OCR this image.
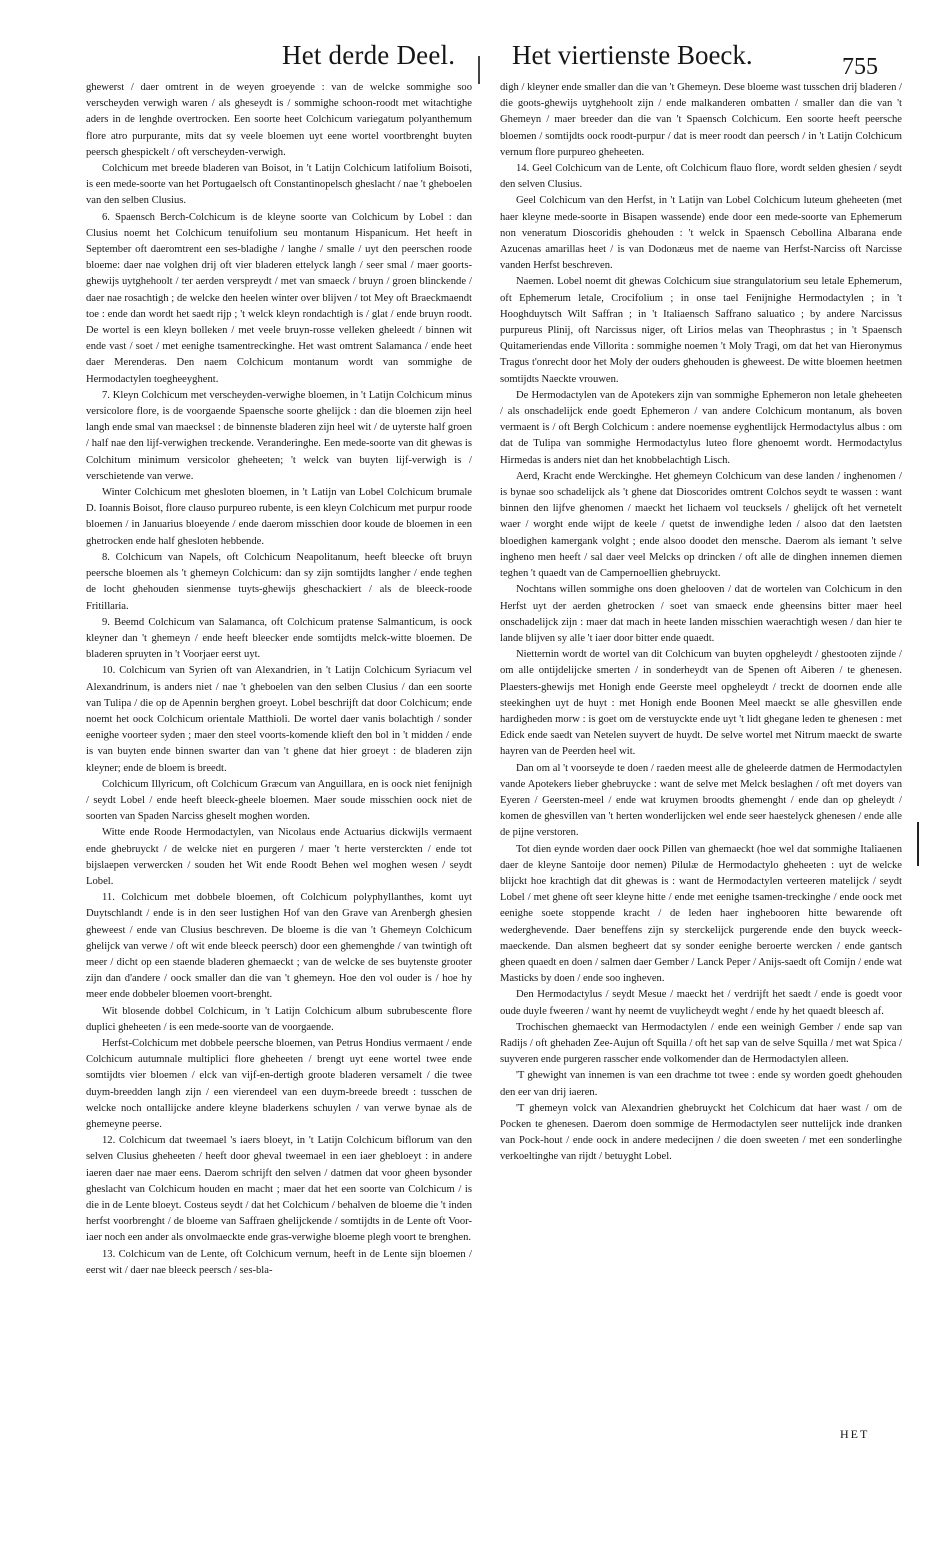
Het derde Deel. Het viertienste Boeck.	755

ghewerst / daer omtrent in de weyen groeyende : van de welcke sommighe soo verscheyden verwigh waren / als gheseydt is / sommighe schoon-roodt met witachtighe aders in de lenghde overtrocken. Een soorte heet Colchicum variegatum polyanthemum flore atro purpurante, mits dat sy veele bloemen uyt eene wortel voortbrenght buyten peersch ghespickelt / oft verscheyden-verwigh.

Colchicum met breede bladeren van Boisot, in 't Latijn Colchicum latifolium Boisoti, is een mede-soorte van het Portugaelsch oft Constantinopelsch gheslacht / nae 't gheboelen van den selben Clusius.

6. Spaensch Berch-Colchicum is de kleyne soorte van Colchicum by Lobel : dan Clusius noemt het Colchicum tenuifolium seu montanum Hispanicum. Het heeft in September oft daeromtrent een ses-bladighe / langhe / smalle / uyt den peerschen roode bloeme: daer nae volghen drij oft vier bladeren ettelyck langh / seer smal / maer goorts-ghewijs uytghehoolt / ter aerden verspreydt / met van smaeck / bruyn / groen blinckende / daer nae rosachtigh ; de welcke den heelen winter over blijven / tot Mey oft Braeckmaendt toe : ende dan wordt het saedt rijp ; 't welck kleyn rondachtigh is / glat / ende bruyn roodt. De wortel is een kleyn bolleken / met veele bruyn-rosse velleken gheleedt / binnen wit ende vast / soet / met eenighe tsamentreckinghe. Het wast omtrent Salamanca / ende heet daer Merenderas. Den naem Colchicum montanum wordt van sommighe de Hermodactylen toegheeyghent.

7. Kleyn Colchicum met verscheyden-verwighe bloemen, in 't Latijn Colchicum minus versicolore flore, is de voorgaende Spaensche soorte ghelijck : dan die bloemen zijn heel langh ende smal van maecksel : de binnenste bladeren zijn heel wit / de uyterste half groen / half nae den lijf-verwighen treckende. Veranderinghe. Een mede-soorte van dit ghewas is Colchitum minimum versicolor gheheeten; 't welck van buyten lijf-verwigh is / verschietende van verwe.

Winter Colchicum met ghesloten bloemen, in 't Latijn van Lobel Colchicum brumale D. Ioannis Boisot, flore clauso purpureo rubente, is een kleyn Colchicum met purpur roode bloemen / in Januarius bloeyende / ende daerom misschien door koude de bloemen in een ghetrocken ende half ghesloten hebbende.

8. Colchicum van Napels, oft Colchicum Neapolitanum, heeft bleecke oft bruyn peersche bloemen als 't ghemeyn Colchicum: dan sy zijn somtijdts langher / ende teghen de locht ghehouden sienmense tuyts-ghewijs gheschackiert / als de bleeck-roode Fritillaria.

9. Beemd Colchicum van Salamanca, oft Colchicum pratense Salmanticum, is oock kleyner dan 't ghemeyn / ende heeft bleecker ende somtijdts melck-witte bloemen. De bladeren spruyten in 't Voorjaer eerst uyt.

10. Colchicum van Syrien oft van Alexandrien, in 't Latijn Colchicum Syriacum vel Alexandrinum, is anders niet / nae 't gheboelen van den selben Clusius / dan een soorte van Tulipa / die op de Apennin berghen groeyt. Lobel beschrijft dat door Colchicum; ende noemt het oock Colchicum orientale Matthioli. De wortel daer vanis bolachtigh / sonder eenighe voorteer syden ; maer den steel voorts-komende klieft den bol in 't midden / ende is van buyten ende binnen swarter dan van 't ghene dat hier groeyt : de bladeren zijn kleyner; ende de bloem is breedt.

Colchicum Illyricum, oft Colchicum Græcum van Anguillara, en is oock niet fenijnigh / seydt Lobel / ende heeft bleeck-gheele bloemen. Maer soude misschien oock niet de soorten van Spaden Narciss gheselt moghen worden.

Witte ende Roode Hermodactylen, van Nicolaus ende Actuarius dickwijls vermaent ende ghebruyckt / de welcke niet en purgeren / maer 't herte versterckten / ende tot bijslaepen verwercken / souden het Wit ende Roodt Behen wel moghen wesen / seydt Lobel.

11. Colchicum met dobbele bloemen, oft Colchicum polyphyllanthes, komt uyt Duytschlandt / ende is in den seer lustighen Hof van den Grave van Arenbergh ghesien gheweest / ende van Clusius beschreven. De bloeme is die van 't Ghemeyn Colchicum ghelijck van verwe / oft wit ende bleeck peersch) door een ghemenghde / van twintigh oft meer / dicht op een staende bladeren ghemaeckt ; van de welcke de ses buytenste grooter zijn dan d'andere / oock smaller dan die van 't ghemeyn. Hoe den vol ouder is / hoe hy meer ende dobbeler bloemen voort-brenght.

Wit blosende dobbel Colchicum, in 't Latijn Colchicum album subrubescente flore duplici gheheeten / is een mede-soorte van de voorgaende.

Herfst-Colchicum met dobbele peersche bloemen, van Petrus Hondius vermaent / ende Colchicum autumnale multiplici flore gheheeten / brengt uyt eene wortel twee ende somtijdts vier bloemen / elck van vijf-en-dertigh groote bladeren versamelt / die twee duym-breedden langh zijn / een vierendeel van een duym-breede breedt : tusschen de welcke noch ontallijcke andere kleyne bladerkens schuylen / van verwe bynae als de ghemeyne peerse.

12. Colchicum dat tweemael 's iaers bloeyt, in 't Latijn Colchicum biflorum van den selven Clusius gheheeten / heeft door gheval tweemael in een iaer ghebloeyt : in andere iaeren daer nae maer eens. Daerom schrijft den selven / datmen dat voor gheen bysonder gheslacht van Colchicum houden en macht ; maer dat het een soorte van Colchicum / is die in de Lente bloeyt. Costeus seydt / dat het Colchicum / behalven de bloeme die 't inden herfst voorbrenght / de bloeme van Saffraen ghelijckende / somtijdts in de Lente oft Voor-iaer noch een ander als onvolmaeckte ende gras-verwighe bloeme plegh voort te brenghen.

13. Colchicum van de Lente, oft Colchicum vernum, heeft in de Lente sijn bloemen / eerst wit / daer nae bleeck peersch / ses-bla-

digh / kleyner ende smaller dan die van 't Ghemeyn. Dese bloeme wast tusschen drij bladeren / die goots-ghewijs uytghehoolt zijn / ende malkanderen ombatten / smaller dan die van 't Ghemeyn / maer breeder dan die van 't Spaensch Colchicum. Een soorte heeft peersche bloemen / somtijdts oock roodt-purpur / dat is meer roodt dan peersch / in 't Latijn Colchicum vernum flore purpureo gheheeten.

14. Geel Colchicum van de Lente, oft Colchicum flauo flore, wordt selden ghesien / seydt den selven Clusius.

Geel Colchicum van den Herfst, in 't Latijn van Lobel Colchicum luteum gheheeten (met haer kleyne mede-soorte in Bisapen wassende) ende door een mede-soorte van Ephemerum non veneratum Dioscoridis ghehouden : 't welck in Spaensch Cebollina Albarana ende Azucenas amarillas heet / is van Dodonæus met de naeme van Herfst-Narciss oft Narcisse vanden Herfst beschreven.

Naemen. Lobel noemt dit ghewas Colchicum siue strangulatorium seu letale Ephemerum, oft Ephemerum letale, Crocifolium ; in onse tael Fenijnighe Hermodactylen ; in 't Hooghduytsch Wilt Saffran ; in 't Italiaensch Saffrano saluatico ; by andere Narcissus purpureus Plinij, oft Narcissus niger, oft Lirios melas van Theophrastus ; in 't Spaensch Quitameriendas ende Villorita : sommighe noemen 't Moly Tragi, om dat het van Hieronymus Tragus t'onrecht door het Moly der ouders ghehouden is gheweest. De witte bloemen heetmen somtijdts Naeckte vrouwen.

De Hermodactylen van de Apotekers zijn van sommighe Ephemeron non letale gheheeten / als onschadelijck ende goedt Ephemeron / van andere Colchicum montanum, als boven vermaent is / oft Bergh Colchicum : andere noemense eyghentlijck Hermodactylus albus : om dat de Tulipa van sommighe Hermodactylus luteo flore ghenoemt wordt. Hermodactylus Hirmedas is anders niet dan het knobbelachtigh Lisch.

Aerd, Kracht ende Werckinghe. Het ghemeyn Colchicum van dese landen / inghenomen / is bynae soo schadelijck als 't ghene dat Dioscorides omtrent Colchos seydt te wassen : want binnen den lijfve ghenomen / maeckt het lichaem vol teucksels / ghelijck oft het vernetelt waer / worght ende wijpt de keele / quetst de inwendighe leden / alsoo dat den laetsten bloedighen kamergank volght ; ende alsoo doodet den mensche. Daerom als iemant 't selve ingheno men heeft / sal daer veel Melcks op drincken / oft alle de dinghen innemen diemen teghen 't quaedt van de Campernoellien ghebruyckt.

Nochtans willen sommighe ons doen ghelooven / dat de wortelen van Colchicum in den Herfst uyt der aerden ghetrocken / soet van smaeck ende gheensins bitter maer heel onschadelijck zijn : maer dat mach in heete landen misschien waerachtigh wesen / dan hier te lande blijven sy alle 't iaer door bitter ende quaedt.

Nietternin wordt de wortel van dit Colchicum van buyten opgheleydt / ghestooten zijnde / om alle ontijdelijcke smerten / in sonderheydt van de Spenen oft Aiberen / te ghenesen. Plaesters-ghewijs met Honigh ende Geerste meel opgheleydt / treckt de doornen ende alle steekinghen uyt de huyt : met Honigh ende Boonen Meel maeckt se alle ghesvillen ende hardigheden morw : is goet om de verstuyckte ende uyt 't lidt ghegane leden te ghenesen : met Edick ende saedt van Netelen suyvert de huydt. De selve wortel met Nitrum maeckt de swarte hayren van de Peerden heel wit.

Dan om al 't voorseyde te doen / raeden meest alle de gheleerde datmen de Hermodactylen vande Apotekers lieber ghebruycke : want de selve met Melck beslaghen / oft met doyers van Eyeren / Geersten-meel / ende wat kruymen broodts ghemenght / ende dan op gheleydt / komen de ghesvillen van 't herten wonderlijcken wel ende seer haestelyck ghenesen / ende alle de pijne verstoren.

Tot dien eynde worden daer oock Pillen van ghemaeckt (hoe wel dat sommighe Italiaenen daer de kleyne Santoije door nemen) Pilulæ de Hermodactylo gheheeten : uyt de welcke blijckt hoe krachtigh dat dit ghewas is : want de Hermodactylen verteeren matelijck / seydt Lobel / met ghene oft seer kleyne hitte / ende met eenighe tsamen-treckinghe / ende oock met eenighe soete stoppende kracht / de leden haer inghebooren hitte bewarende oft wederghevende. Daer beneffens zijn sy sterckelijck purgerende ende den buyck weeck-maeckende. Dan alsmen begheert dat sy sonder eenighe beroerte wercken / ende gantsch gheen quaedt en doen / salmen daer Gember / Lanck Peper / Anijs-saedt oft Comijn / ende wat Masticks by doen / ende soo ingheven.

Den Hermodactylus / seydt Mesue / maeckt het / verdrijft het saedt / ende is goedt voor oude duyle fweeren / want hy neemt de vuylicheydt weght / ende hy het quaedt bleesch af.

Trochischen ghemaeckt van Hermodactylen / ende een weinigh Gember / ende sap van Radijs / oft ghehaden Zee-Aujun oft Squilla / oft het sap van de selve Squilla / met wat Spica / suyveren ende purgeren rasscher ende volkomender dan de Hermodactylen alleen.

'T ghewight van innemen is van een drachme tot twee : ende sy worden goedt ghehouden den eer van drij iaeren.

'T ghemeyn volck van Alexandrien ghebruyckt het Colchicum dat haer wast / om de Pocken te ghenesen. Daerom doen sommige de Hermodactylen seer nuttelijck inde dranken van Pock-hout / ende oock in andere medecijnen / die doen sweeten / met een sonderlinghe verkoeltinghe van rijdt / betuyght Lobel.

HET
